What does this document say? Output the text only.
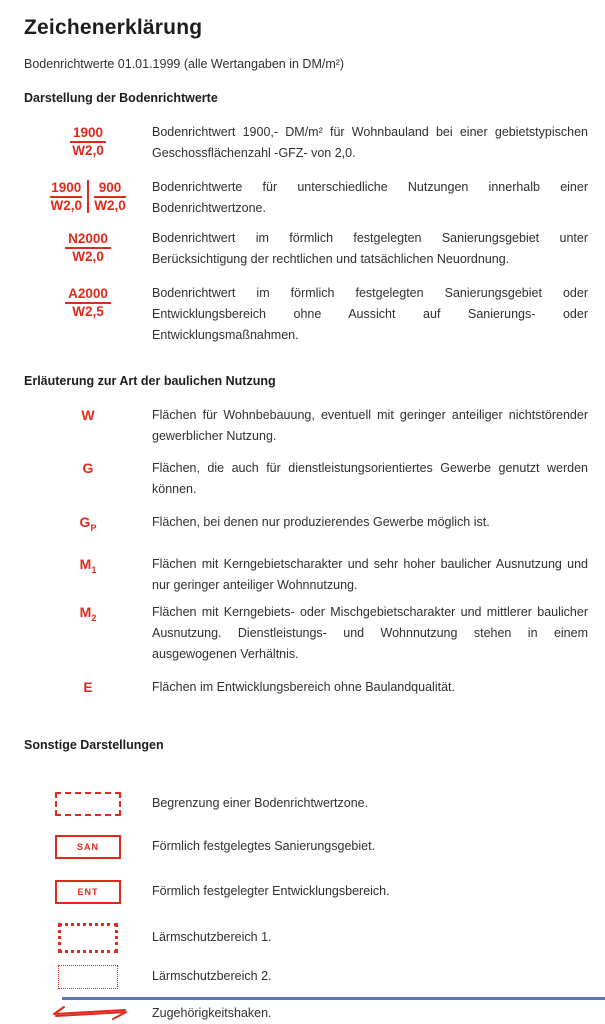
Zeichenerklärung
Bodenrichtwerte 01.01.1999 (alle Wertangaben in DM/m²)
Darstellung der Bodenrichtwerte
$\frac{1900}{W2,0}$	Bodenrichtwert 1900,- DM/m² für Wohnbauland bei einer gebietstypischen Geschossflächenzahl -GFZ- von 2,0.
$\frac{1900}{W2,0} \frac{900}{W2,0}$ Bodenrichtwerte für unterschiedliche Nutzungen innerhalb einer Bodenrichtwertzone.
$\frac{N2000}{W2,0}$	Bodenrichtwert im förmlich festgelegten Sanierungsgebiet unter Berücksichtigung der rechtlichen und tatsächlichen Neuordnung.
$\frac{A2000}{W2,5}$	Bodenrichtwert im förmlich festgelegten Sanierungsgebiet oder Entwicklungsbereich ohne Aussicht auf Sanierungs- oder Entwicklungsmaßnahmen.
Erläuterung zur Art der baulichen Nutzung
W	Flächen für Wohnbebauung, eventuell mit geringer anteiliger nichtstörender gewerblicher Nutzung.
G	Flächen, die auch für dienstleistungsorientiertes Gewerbe genutzt werden können.
$G_P$	Flächen, bei denen nur produzierendes Gewerbe möglich ist.
$M_1$	Flächen mit Kerngebietscharakter und sehr hoher baulicher Ausnutzung und nur geringer anteiliger Wohnnutzung.
$M_2$	Flächen mit Kerngebiets- oder Mischgebietscharakter und mittlerer baulicher Ausnutzung. Dienstleistungs- und Wohnnutzung stehen in einem ausgewogenen Verhältnis.
E	Flächen im Entwicklungsbereich ohne Baulandqualität.
Sonstige Darstellungen
Begrenzung einer Bodenrichtwertzone.
SAN	Förmlich festgelegtes Sanierungsgebiet.
ENT	Förmlich festgelegter Entwicklungsbereich.
Lärmschutzbereich 1.
Lärmschutzbereich 2.
Zugehörigkeitshaken.
